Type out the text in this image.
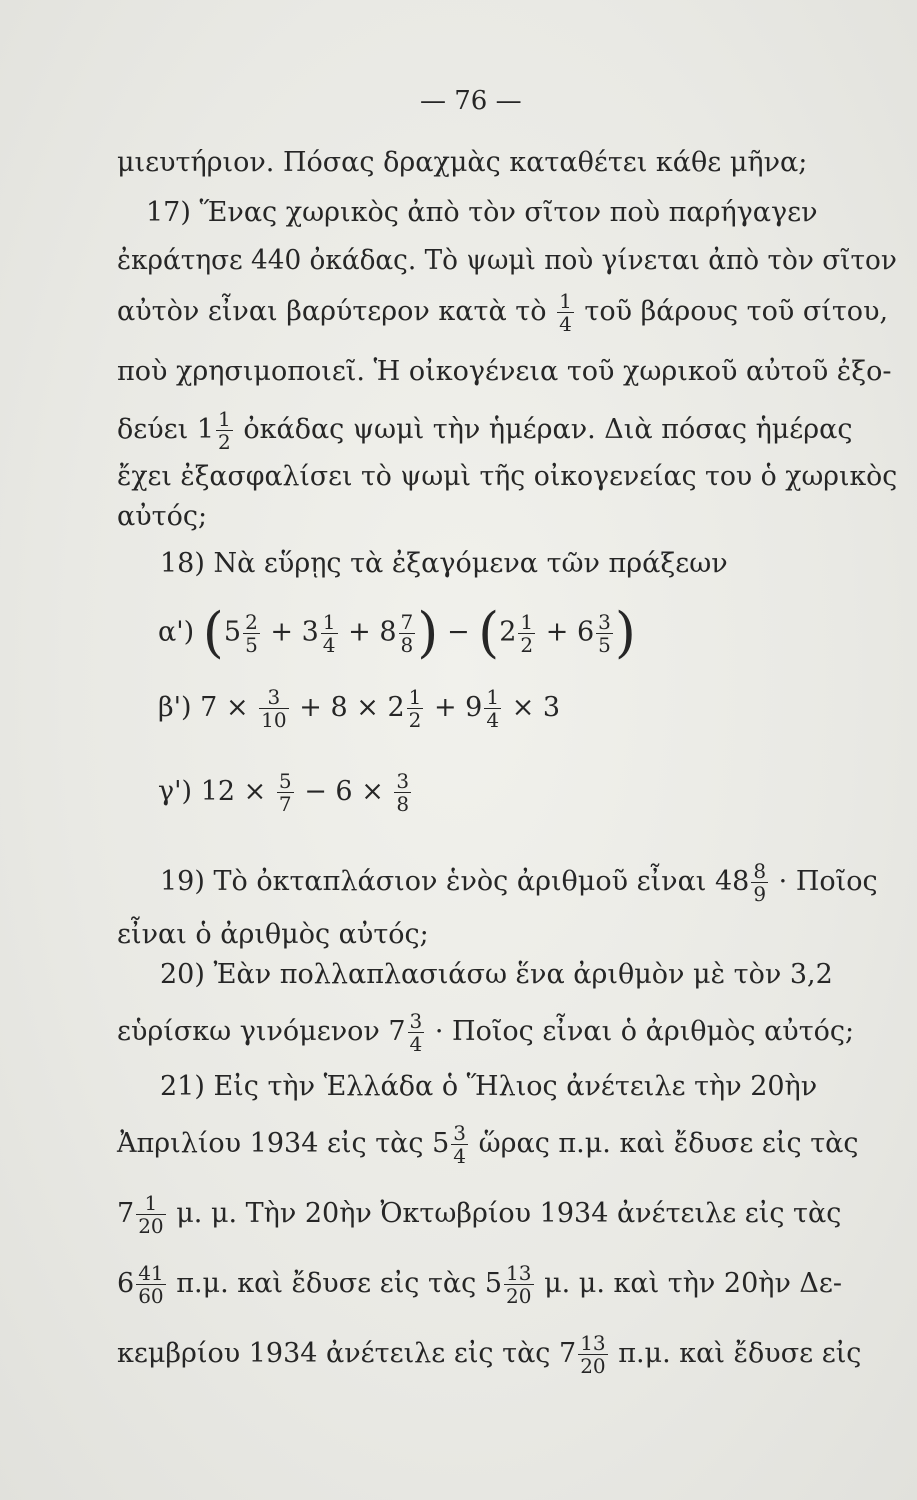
— 76 —
μιευτήριον. Πόσας δραχμὰς καταθέτει κάθε μῆνα;
17) Ἕνας χωρικὸς ἀπὸ τὸν σῖτον ποὺ παρήγαγεν
ἐκράτησε 440 ὀκάδας. Τὸ ψωμὶ ποὺ γίνεται ἀπὸ τὸν σῖτον
αὐτὸν εἶναι βαρύτερον κατὰ τὸ $\frac{1}{4}$ τοῦ βάρους τοῦ σίτου,
ποὺ χρησιμοποιεῖ. Ἡ οἰκογένεια τοῦ χωρικοῦ αὐτοῦ ἐξο-
δεύει $1 \frac{1}{2}$ ὀκάδας ψωμὶ τὴν ἡμέραν. Διὰ πόσας ἡμέρας
ἔχει ἐξασφαλίσει τὸ ψωμὶ τῆς οἰκογενείας του ὁ χωρικὸς
αὐτός;
18) Νὰ εὕρῃς τὰ ἐξαγόμενα τῶν πράξεων
α') ($5 \frac{2}{5} + 3 \frac{1}{4} + 8 \frac{7}{8}$ ) − ($2 \frac{1}{2} + 6 \frac{3}{5}$ )
β') $7 \times \frac{3}{10} + 8 \times 2 \frac{1}{2} + 9 \frac{1}{4} \times 3$
γ') $12 \times \frac{5}{7} - 6 \times \frac{3}{8}$
19) Τὸ ὀκταπλάσιον ἑνὸς ἀριθμοῦ εἶναι $48 \frac{8}{9}$ · Ποῖος
εἶναι ὁ ἀριθμὸς αὐτός;
20) Ἐὰν πολλαπλασιάσω ἕνα ἀριθμὸν μὲ τὸν 3,2
εὑρίσκω γινόμενον $7 \frac{3}{4}$ · Ποῖος εἶναι ὁ ἀριθμὸς αὐτός;
21) Εἰς τὴν Ἑλλάδα ὁ Ἥλιος ἀνέτειλε τὴν 20ὴν
Ἀπριλίου 1934 εἰς τὰς $5 \frac{3}{4}$ ὥρας π.μ. καὶ ἔδυσε εἰς τὰς
$7 \frac{1}{20} \mu$. μ. Τὴν 20ὴν Ὀκτωβρίου 1934 ἀνέτειλε εἰς τὰς
$6 \frac{41}{60} \pi.\mu$. καὶ ἔδυσε εἰς τὰς $5 \frac{13}{20} \mu$. μ. καὶ τὴν 20ὴν Δε-
κεμβρίου 1934 ἀνέτειλε εἰς τὰς $7 \frac{13}{20} \pi.\mu$. καὶ ἔδυσε εἰς
